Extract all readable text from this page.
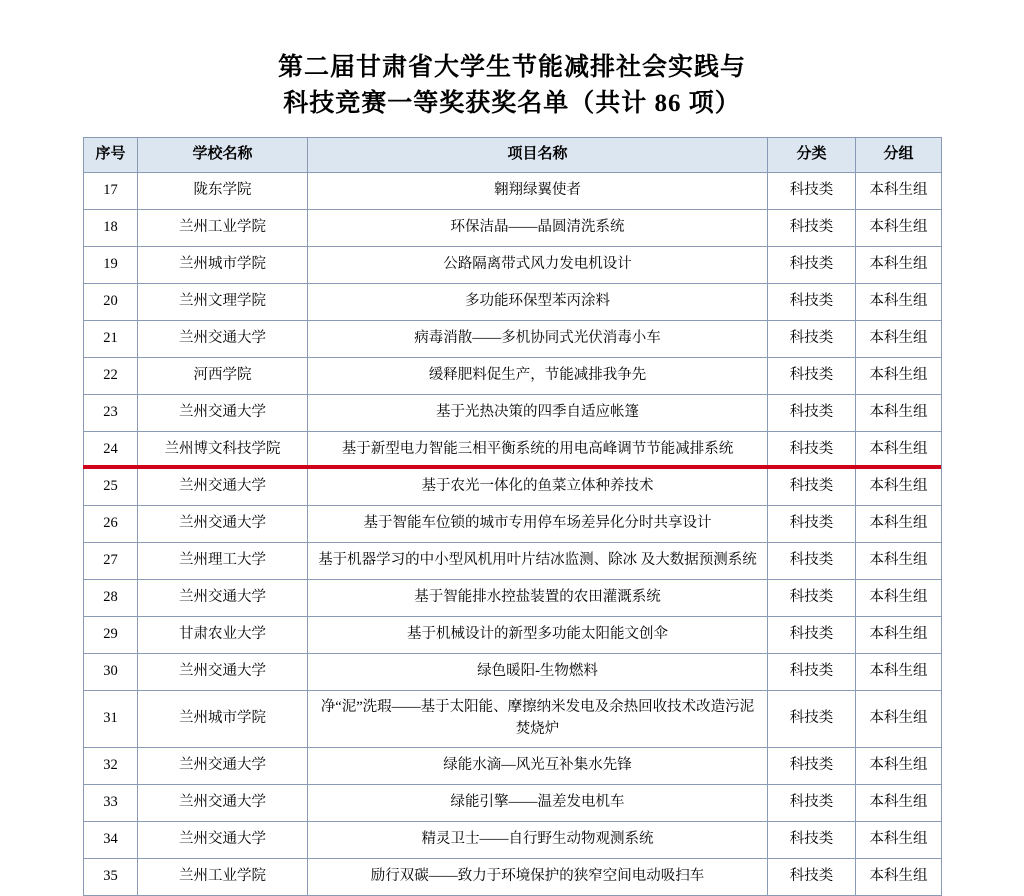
第二届甘肃省大学生节能减排社会实践与
科技竞赛一等奖获奖名单（共计 86 项）
序号	学校名称	项目名称	分类	分组
17	陇东学院	翱翔绿翼使者	科技类	本科生组
18	兰州工业学院	环保洁晶——晶圆清洗系统	科技类	本科生组
19	兰州城市学院	公路隔离带式风力发电机设计	科技类	本科生组
20	兰州文理学院	多功能环保型苯丙涂料	科技类	本科生组
21	兰州交通大学	病毒消散——多机协同式光伏消毒小车	科技类	本科生组
22	河西学院	缓释肥料促生产，节能减排我争先	科技类	本科生组
23	兰州交通大学	基于光热决策的四季自适应帐篷	科技类	本科生组
24	兰州博文科技学院	基于新型电力智能三相平衡系统的用电高峰调节节能减排系统	科技类	本科生组
25	兰州交通大学	基于农光一体化的鱼菜立体种养技术	科技类	本科生组
26	兰州交通大学	基于智能车位锁的城市专用停车场差异化分时共享设计	科技类	本科生组
27	兰州理工大学	基于机器学习的中小型风机用叶片结冰监测、除冰 及大数据预测系统	科技类	本科生组
28	兰州交通大学	基于智能排水控盐装置的农田灌溉系统	科技类	本科生组
29	甘肃农业大学	基于机械设计的新型多功能太阳能文创伞	科技类	本科生组
30	兰州交通大学	绿色暖阳-生物燃料	科技类	本科生组
31	兰州城市学院	净“泥”洗瑕——基于太阳能、摩擦纳米发电及余热回收技术改造污泥
焚烧炉	科技类	本科生组
32	兰州交通大学	绿能水滴—风光互补集水先锋	科技类	本科生组
33	兰州交通大学	绿能引擎——温差发电机车	科技类	本科生组
34	兰州交通大学	精灵卫士——自行野生动物观测系统	科技类	本科生组
35	兰州工业学院	励行双碳——致力于环境保护的狭窄空间电动吸扫车	科技类	本科生组
